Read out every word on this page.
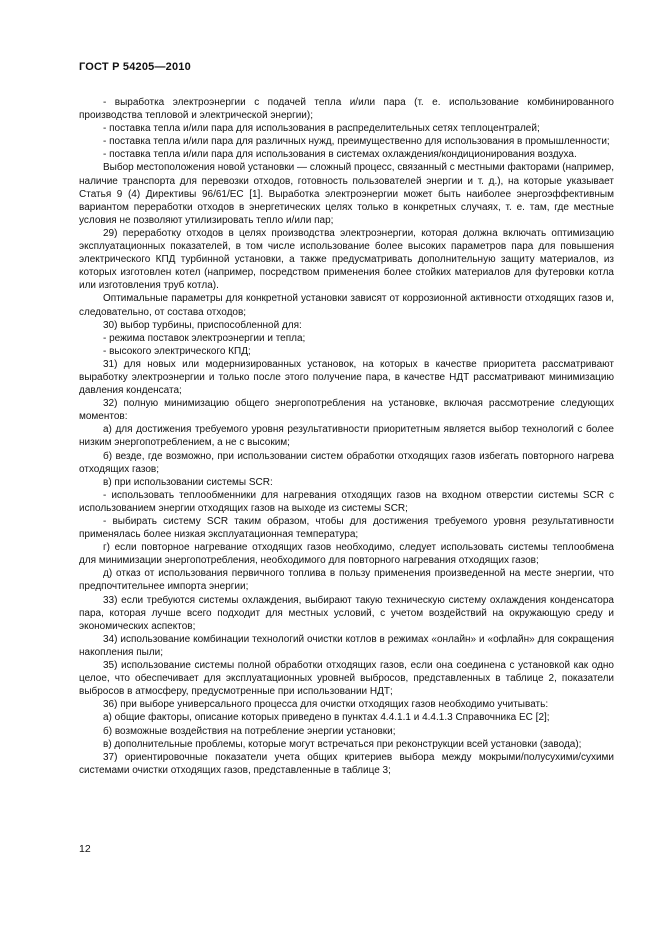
ГОСТ Р 54205—2010

- выработка электроэнергии с подачей тепла и/или пара (т. е. использование комбинированного производства тепловой и электрической энергии);

- поставка тепла и/или пара для использования в распределительных сетях теплоцентралей;

- поставка тепла и/или пара для различных нужд, преимущественно для использования в промышленности;

- поставка тепла и/или пара для использования в системах охлаждения/кондиционирования воздуха.

Выбор местоположения новой установки — сложный процесс, связанный с местными факторами (например, наличие транспорта для перевозки отходов, готовность пользователей энергии и т. д.), на которые указывает Статья 9 (4) Директивы 96/61/ЕС [1]. Выработка электроэнергии может быть наиболее энергоэффективным вариантом переработки отходов в энергетических целях только в конкретных случаях, т. е. там, где местные условия не позволяют утилизировать тепло и/или пар;

29) переработку отходов в целях производства электроэнергии, которая должна включать оптимизацию эксплуатационных показателей, в том числе использование более высоких параметров пара для повышения электрического КПД турбинной установки, а также предусматривать дополнительную защиту материалов, из которых изготовлен котел (например, посредством применения более стойких материалов для футеровки котла или изготовления труб котла).

Оптимальные параметры для конкретной установки зависят от коррозионной активности отходящих газов и, следовательно, от состава отходов;

30) выбор турбины, приспособленной для:

- режима поставок электроэнергии и тепла;

- высокого электрического КПД;

31) для новых или модернизированных установок, на которых в качестве приоритета рассматривают выработку электроэнергии и только после этого получение пара, в качестве НДТ рассматривают минимизацию давления конденсата;

32) полную минимизацию общего энергопотребления на установке, включая рассмотрение следующих моментов:

а) для достижения требуемого уровня результативности приоритетным является выбор технологий с более низким энергопотреблением, а не с высоким;

б) везде, где возможно, при использовании систем обработки отходящих газов избегать повторного нагрева отходящих газов;

в) при использовании системы SCR:

- использовать теплообменники для нагревания отходящих газов на входном отверстии системы SCR с использованием энергии отходящих газов на выходе из системы SCR;

- выбирать систему SCR таким образом, чтобы для достижения требуемого уровня результативности применялась более низкая эксплуатационная температура;

г) если повторное нагревание отходящих газов необходимо, следует использовать системы теплообмена для минимизации энергопотребления, необходимого для повторного нагревания отходящих газов;

д) отказ от использования первичного топлива в пользу применения произведенной на месте энергии, что предпочтительнее импорта энергии;

33) если требуются системы охлаждения, выбирают такую техническую систему охлаждения конденсатора пара, которая лучше всего подходит для местных условий, с учетом воздействий на окружающую среду и экономических аспектов;

34) использование комбинации технологий очистки котлов в режимах «онлайн» и «офлайн» для сокращения накопления пыли;

35) использование системы полной обработки отходящих газов, если она соединена с установкой как одно целое, что обеспечивает для эксплуатационных уровней выбросов, представленных в таблице 2, показатели выбросов в атмосферу, предусмотренные при использовании НДТ;

36) при выборе универсального процесса для очистки отходящих газов необходимо учитывать:

а) общие факторы, описание которых приведено в пунктах 4.4.1.1 и 4.4.1.3 Справочника ЕС [2];

б) возможные воздействия на потребление энергии установки;

в) дополнительные проблемы, которые могут встречаться при реконструкции всей установки (завода);

37) ориентировочные показатели учета общих критериев выбора между мокрыми/полусухими/сухими системами очистки отходящих газов, представленные в таблице 3;

12
